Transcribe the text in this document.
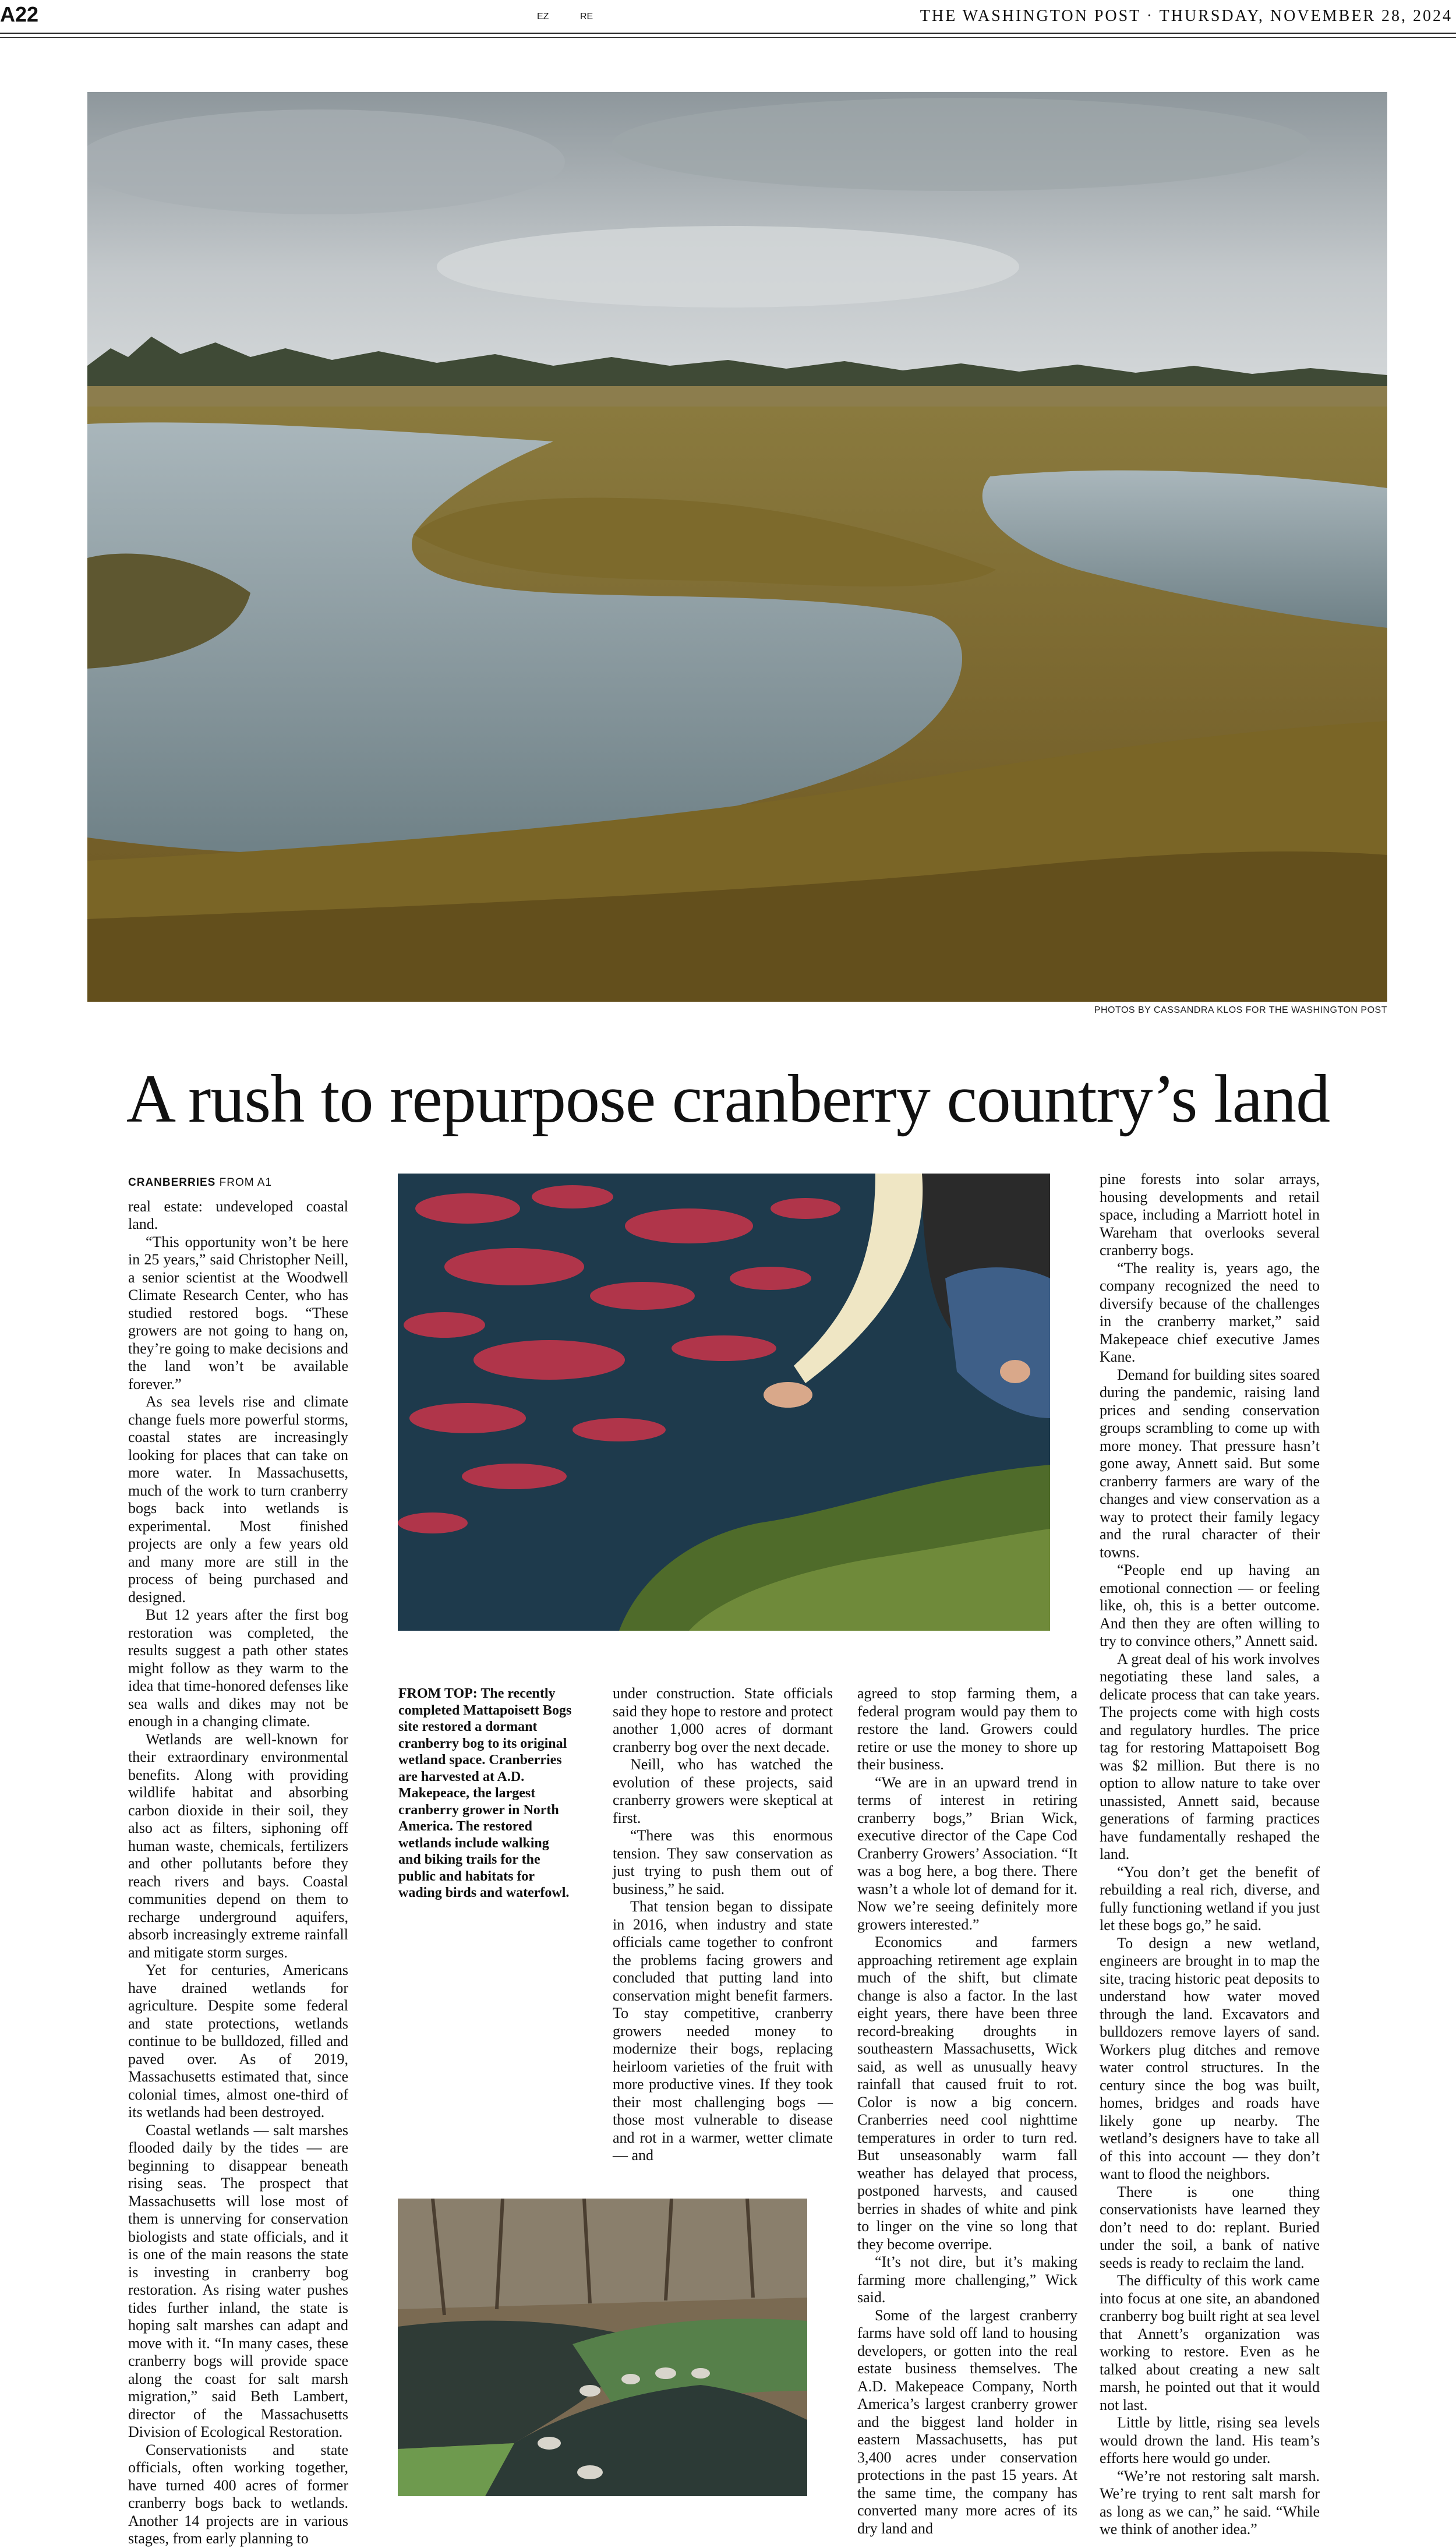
A22	EZ	RE	THE WASHINGTON POST · THURSDAY, NOVEMBER 28, 2024
PHOTOS BY CASSANDRA KLOS FOR THE WASHINGTON POST
A rush to repurpose cranberry country’s land
CRANBERRIES FROM A1

real estate: undeveloped coastal land.

“This opportunity won’t be here in 25 years,” said Christopher Neill, a senior scientist at the Woodwell Climate Research Center, who has studied restored bogs. “These growers are not going to hang on, they’re going to make decisions and the land won’t be available forever.”

As sea levels rise and climate change fuels more powerful storms, coastal states are increasingly looking for places that can take on more water. In Massachusetts, much of the work to turn cranberry bogs back into wetlands is experimental. Most finished projects are only a few years old and many more are still in the process of being purchased and designed.

But 12 years after the first bog restoration was completed, the results suggest a path other states might follow as they warm to the idea that time-honored defenses like sea walls and dikes may not be enough in a changing climate.

Wetlands are well-known for their extraordinary environmental benefits. Along with providing wildlife habitat and absorbing carbon dioxide in their soil, they also act as filters, siphoning off human waste, chemicals, fertilizers and other pollutants before they reach rivers and bays. Coastal communities depend on them to recharge underground aquifers, absorb increasingly extreme rainfall and mitigate storm surges.

Yet for centuries, Americans have drained wetlands for agriculture. Despite some federal and state protections, wetlands continue to be bulldozed, filled and paved over. As of 2019, Massachusetts estimated that, since colonial times, almost one-third of its wetlands had been destroyed.

Coastal wetlands — salt marshes flooded daily by the tides — are beginning to disappear beneath rising seas. The prospect that Massachusetts will lose most of them is unnerving for conservation biologists and state officials, and it is one of the main reasons the state is investing in cranberry bog restoration. As rising water pushes tides further inland, the state is hoping salt marshes can adapt and move with it. “In many cases, these cranberry bogs will provide space along the coast for salt marsh migration,” said Beth Lambert, director of the Massachusetts Division of Ecological Restoration.

Conservationists and state officials, often working together, have turned 400 acres of former cranberry bogs back to wetlands. Another 14 projects are in various stages, from early planning to

FROM TOP: The recently completed Mattapoisett Bogs site restored a dormant cranberry bog to its original wetland space. Cranberries are harvested at A.D. Makepeace, the largest cranberry grower in North America. The restored wetlands include walking and biking trails for the public and habitats for wading birds and waterfowl.

under construction. State officials said they hope to restore and protect another 1,000 acres of dormant cranberry bog over the next decade.

Neill, who has watched the evolution of these projects, said cranberry growers were skeptical at first.

“There was this enormous tension. They saw conservation as just trying to push them out of business,” he said.

That tension began to dissipate in 2016, when industry and state officials came together to confront the problems facing growers and concluded that putting land into conservation might benefit farmers. To stay competitive, cranberry growers needed money to modernize their bogs, replacing heirloom varieties of the fruit with more productive vines. If they took their most challenging bogs — those most vulnerable to disease and rot in a warmer, wetter climate — and

agreed to stop farming them, a federal program would pay them to restore the land. Growers could retire or use the money to shore up their business.

“We are in an upward trend in terms of interest in retiring cranberry bogs,” Brian Wick, executive director of the Cape Cod Cranberry Growers’ Association. “It was a bog here, a bog there. There wasn’t a whole lot of demand for it. Now we’re seeing definitely more growers interested.”

Economics and farmers approaching retirement age explain much of the shift, but climate change is also a factor. In the last eight years, there have been three record-breaking droughts in southeastern Massachusetts, Wick said, as well as unusually heavy rainfall that caused fruit to rot. Color is now a big concern. Cranberries need cool nighttime temperatures in order to turn red. But unseasonably warm fall weather has delayed that process, postponed harvests, and caused berries in shades of white and pink to linger on the vine so long that they become overripe.

“It’s not dire, but it’s making farming more challenging,” Wick said.

Some of the largest cranberry farms have sold off land to housing developers, or gotten into the real estate business themselves. The A.D. Makepeace Company, North America’s largest cranberry grower and the biggest land holder in eastern Massachusetts, has put 3,400 acres under conservation protections in the past 15 years. At the same time, the company has converted many more acres of its dry land and

pine forests into solar arrays, housing developments and retail space, including a Marriott hotel in Wareham that overlooks several cranberry bogs.

“The reality is, years ago, the company recognized the need to diversify because of the challenges in the cranberry market,” said Makepeace chief executive James Kane.

Demand for building sites soared during the pandemic, raising land prices and sending conservation groups scrambling to come up with more money. That pressure hasn’t gone away, Annett said. But some cranberry farmers are wary of the changes and view conservation as a way to protect their family legacy and the rural character of their towns.

“People end up having an emotional connection — or feeling like, oh, this is a better outcome. And then they are often willing to try to convince others,” Annett said.

A great deal of his work involves negotiating these land sales, a delicate process that can take years. The projects come with high costs and regulatory hurdles. The price tag for restoring Mattapoisett Bog was $2 million. But there is no option to allow nature to take over unassisted, Annett said, because generations of farming practices have fundamentally reshaped the land.

“You don’t get the benefit of rebuilding a real rich, diverse, and fully functioning wetland if you just let these bogs go,” he said.

To design a new wetland, engineers are brought in to map the site, tracing historic peat deposits to understand how water moved through the land. Excavators and bulldozers remove layers of sand. Workers plug ditches and remove water control structures. In the century since the bog was built, homes, bridges and roads have likely gone up nearby. The wetland’s designers have to take all of this into account — they don’t want to flood the neighbors.

There is one thing conservationists have learned they don’t need to do: replant. Buried under the soil, a bank of native seeds is ready to reclaim the land.

The difficulty of this work came into focus at one site, an abandoned cranberry bog built right at sea level that Annett’s organization was working to restore. Even as he talked about creating a new salt marsh, he pointed out that it would not last.

Little by little, rising sea levels would drown the land. His team’s efforts here would go under.

“We’re not restoring salt marsh. We’re trying to rent salt marsh for as long as we can,” he said. “While we think of another idea.”
